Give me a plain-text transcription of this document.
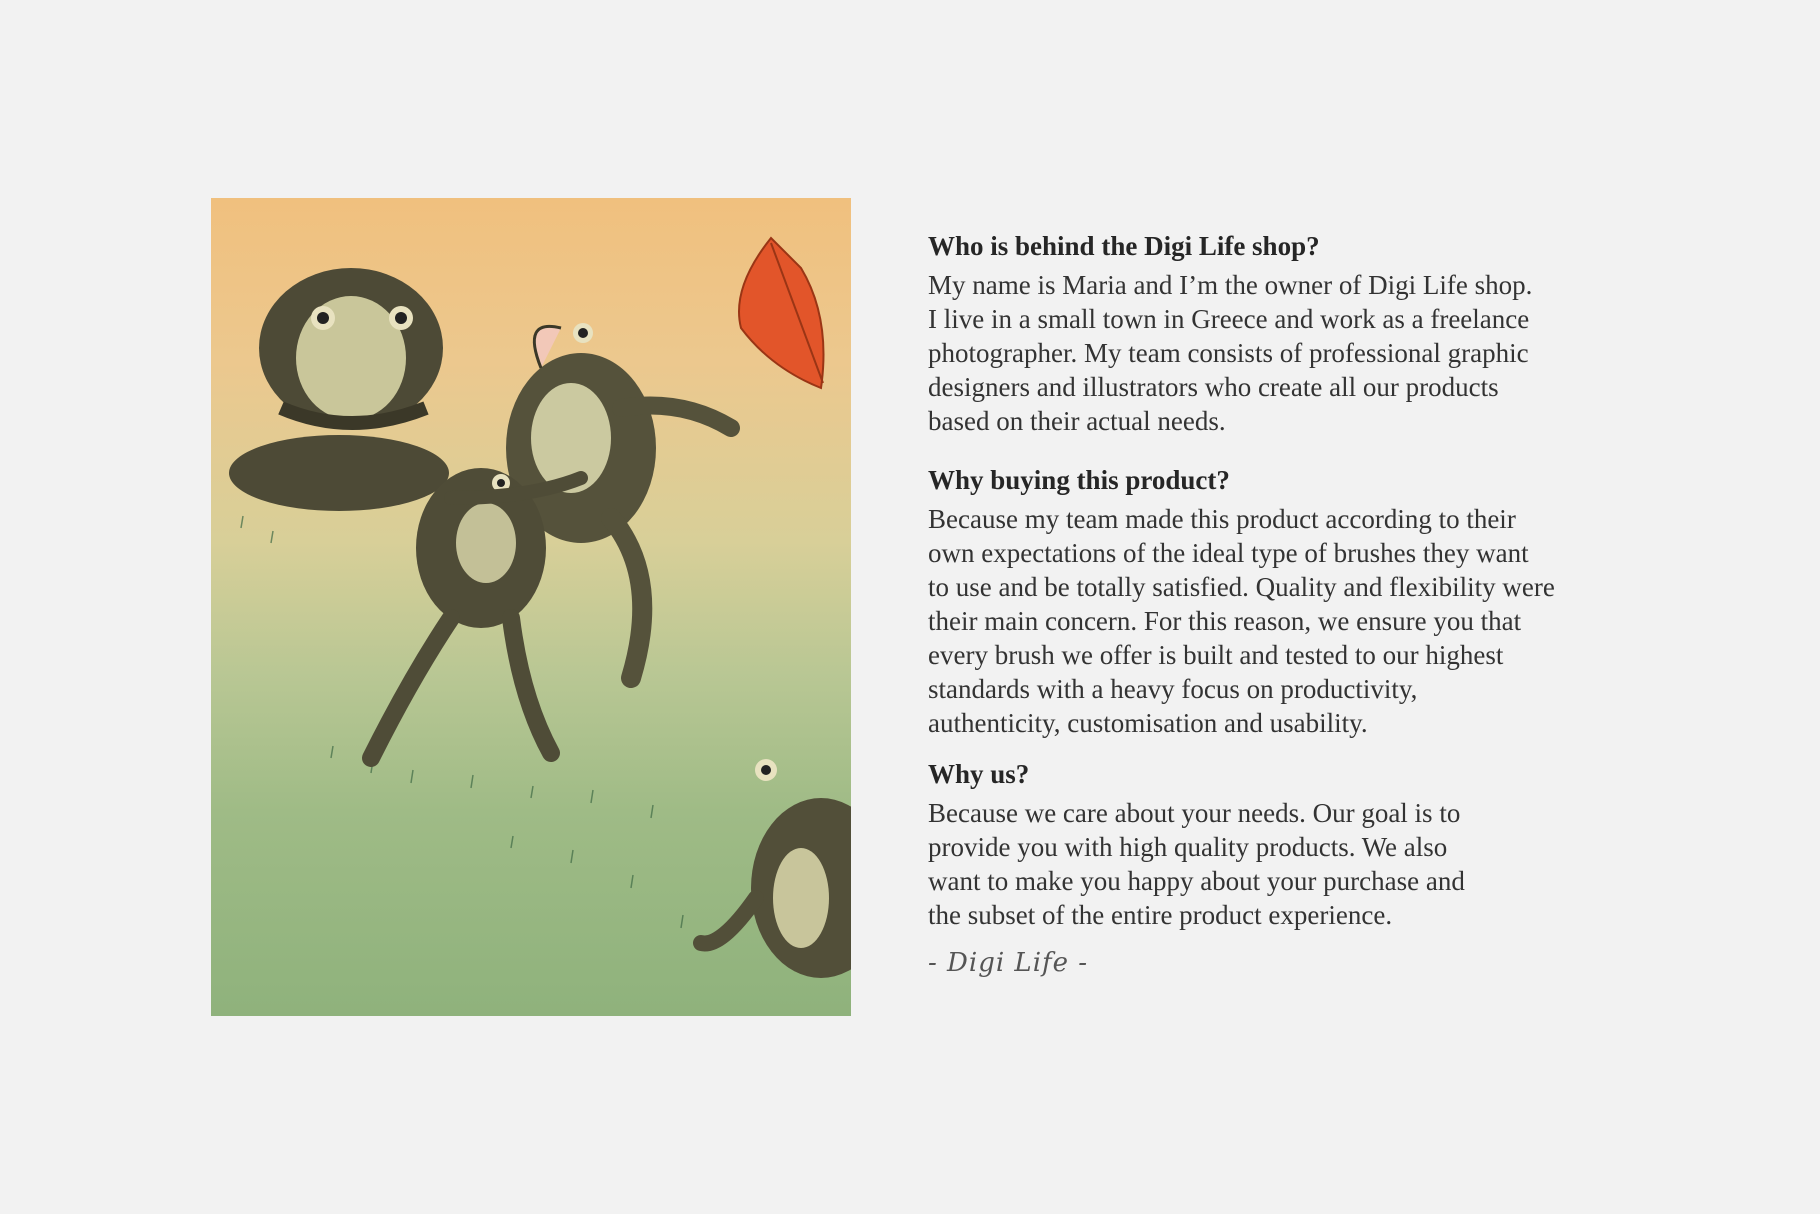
Who is behind the Digi Life shop?

My name is Maria and I’m the owner of Digi Life shop.
I live in a small town in Greece and work as a freelance
photographer. My team consists of professional graphic
designers and illustrators who create all our products
based on their actual needs.

Why buying this product?

Because my team made this product according to their
own expectations of the ideal type of brushes they want
to use and be totally satisfied. Quality and flexibility were
their main concern. For this reason, we ensure you that
every brush we offer is built and tested to our highest
standards with a heavy focus on productivity,
authenticity, customisation and usability.

Why us?

Because we care about your needs. Our goal is to
provide you with high quality products. We also
want to make you happy about your purchase and
the subset of the entire product experience.

- Digi Life -
